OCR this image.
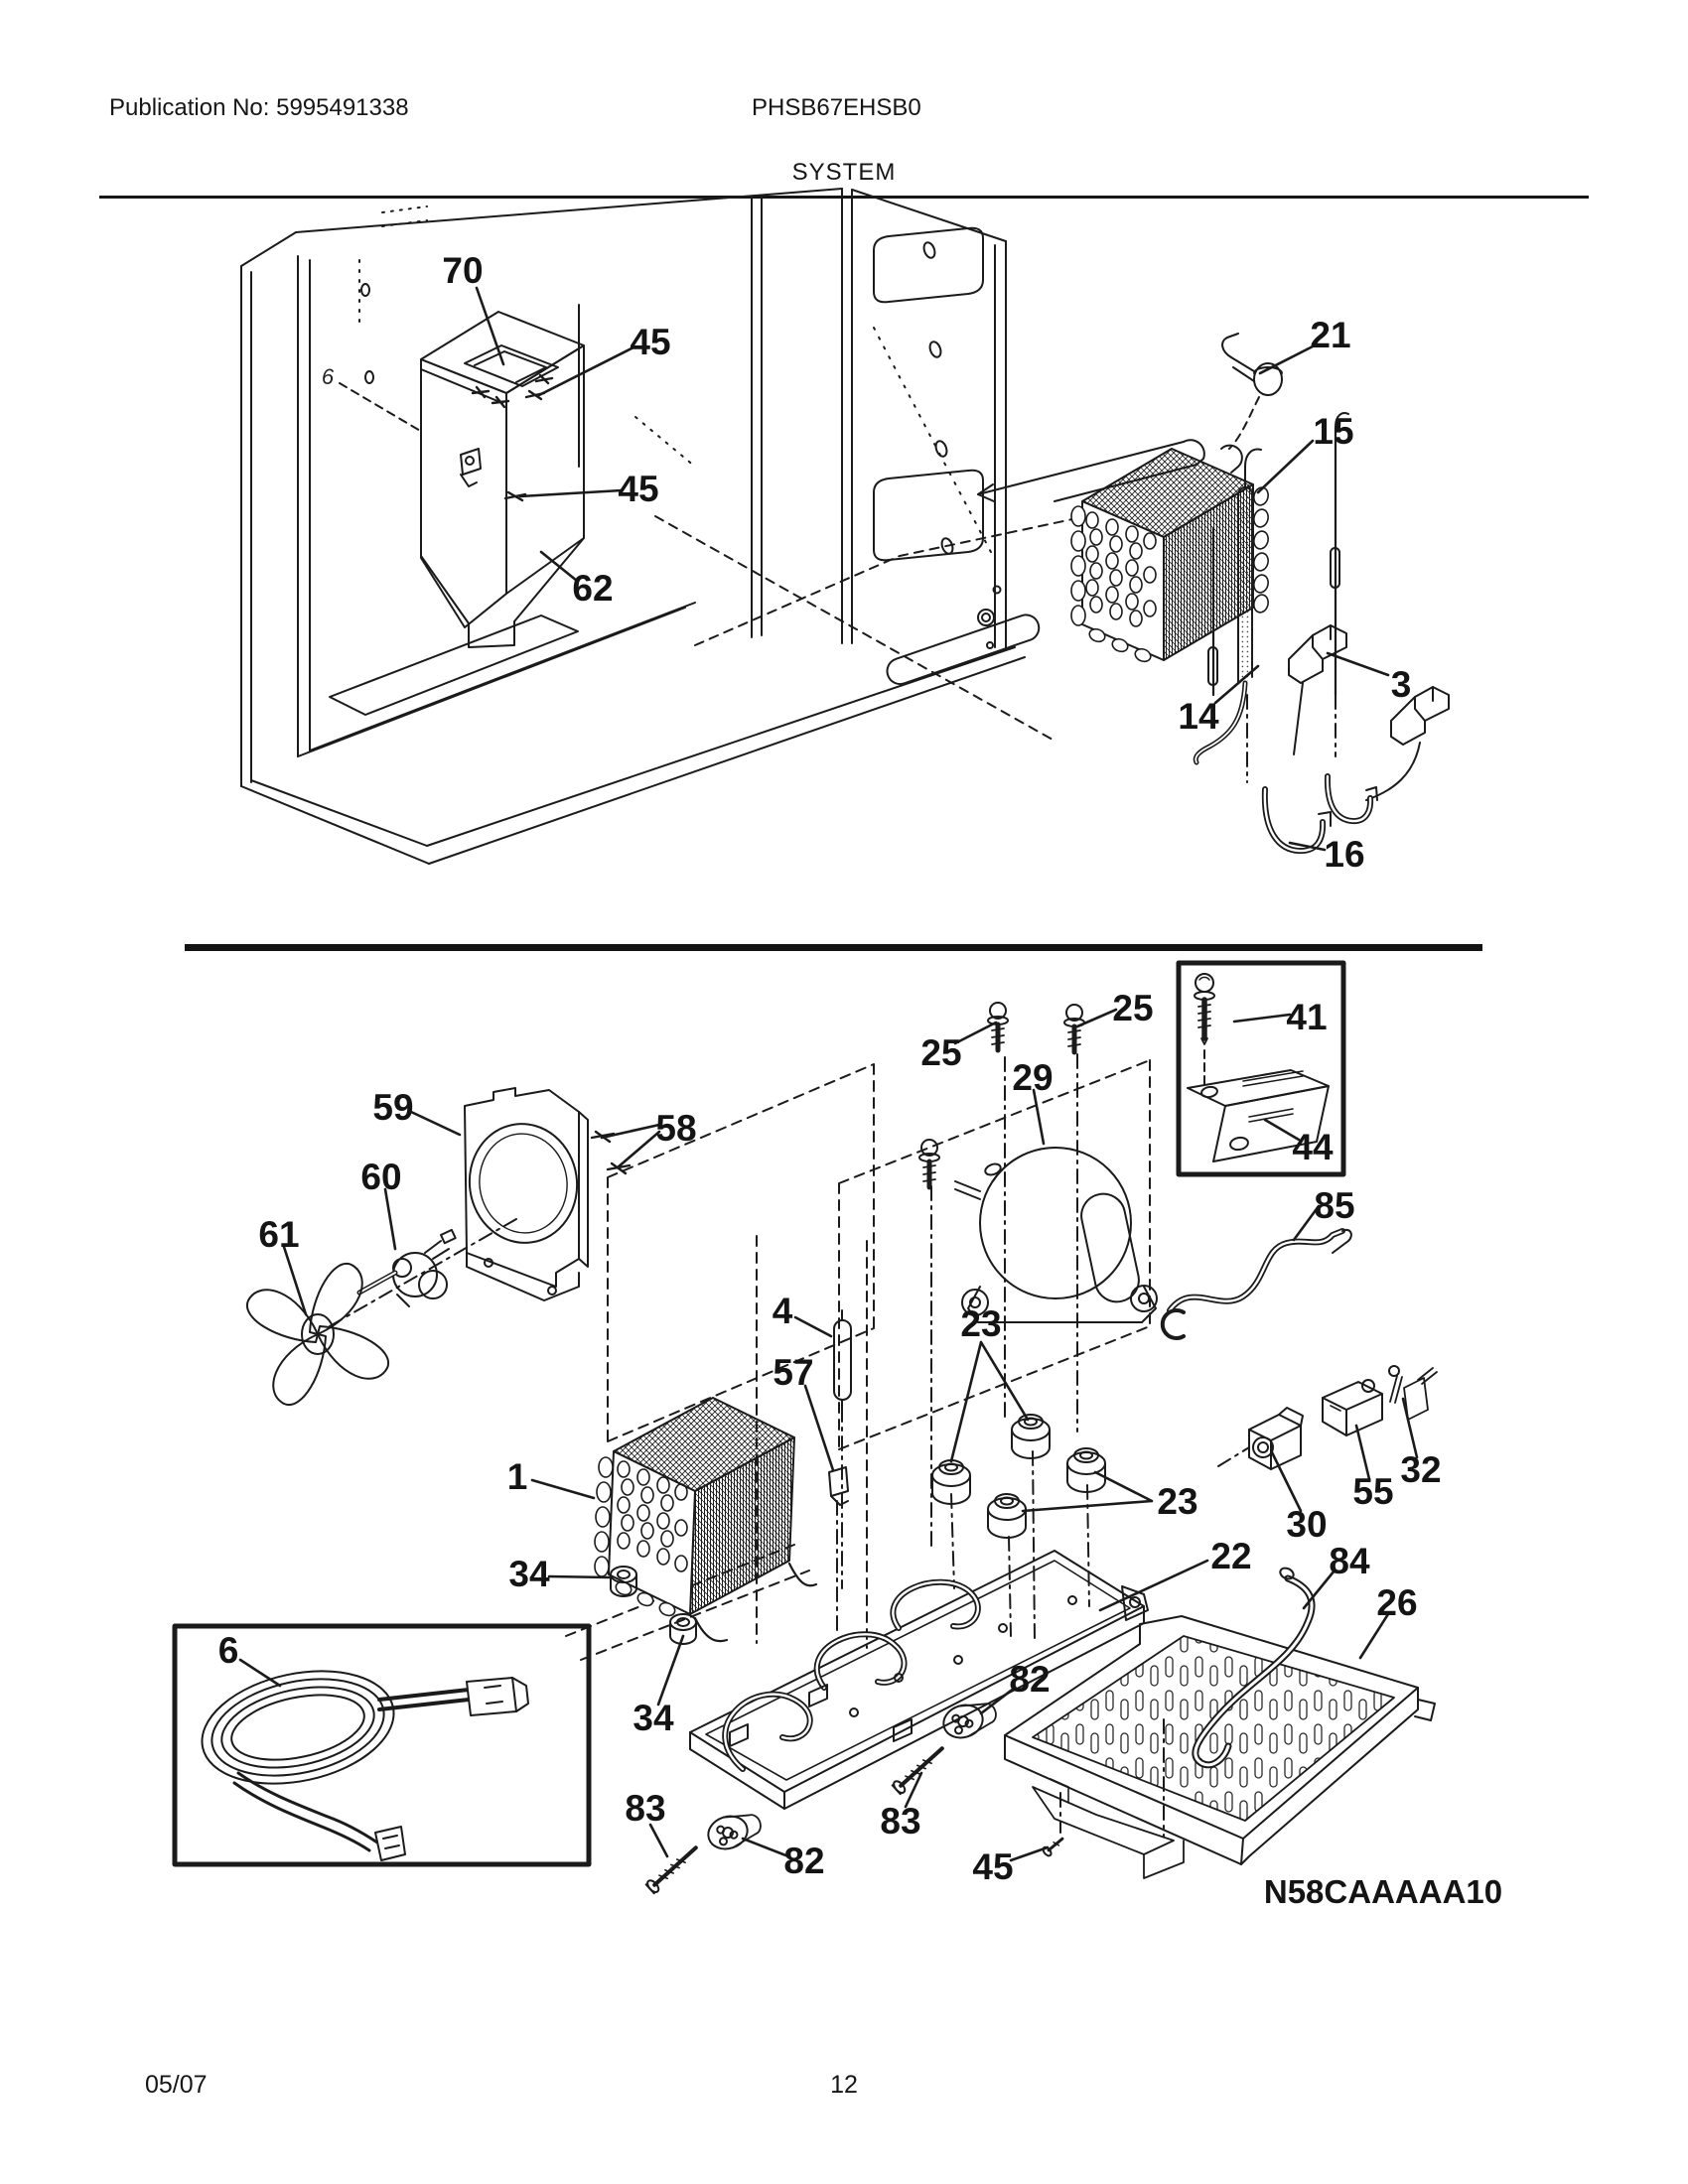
Publication No: 5995491338	PHSB67EHSB0
SYSTEM
05/07	12
70
45
45
62
6
21
15
3
14
16
59
58
60
61
25
25
29
41
44
85
4
57
23
23
1
34
34
6
22
30
55
32
84
26
82
83
82
83
45
N58CAAAAA10
